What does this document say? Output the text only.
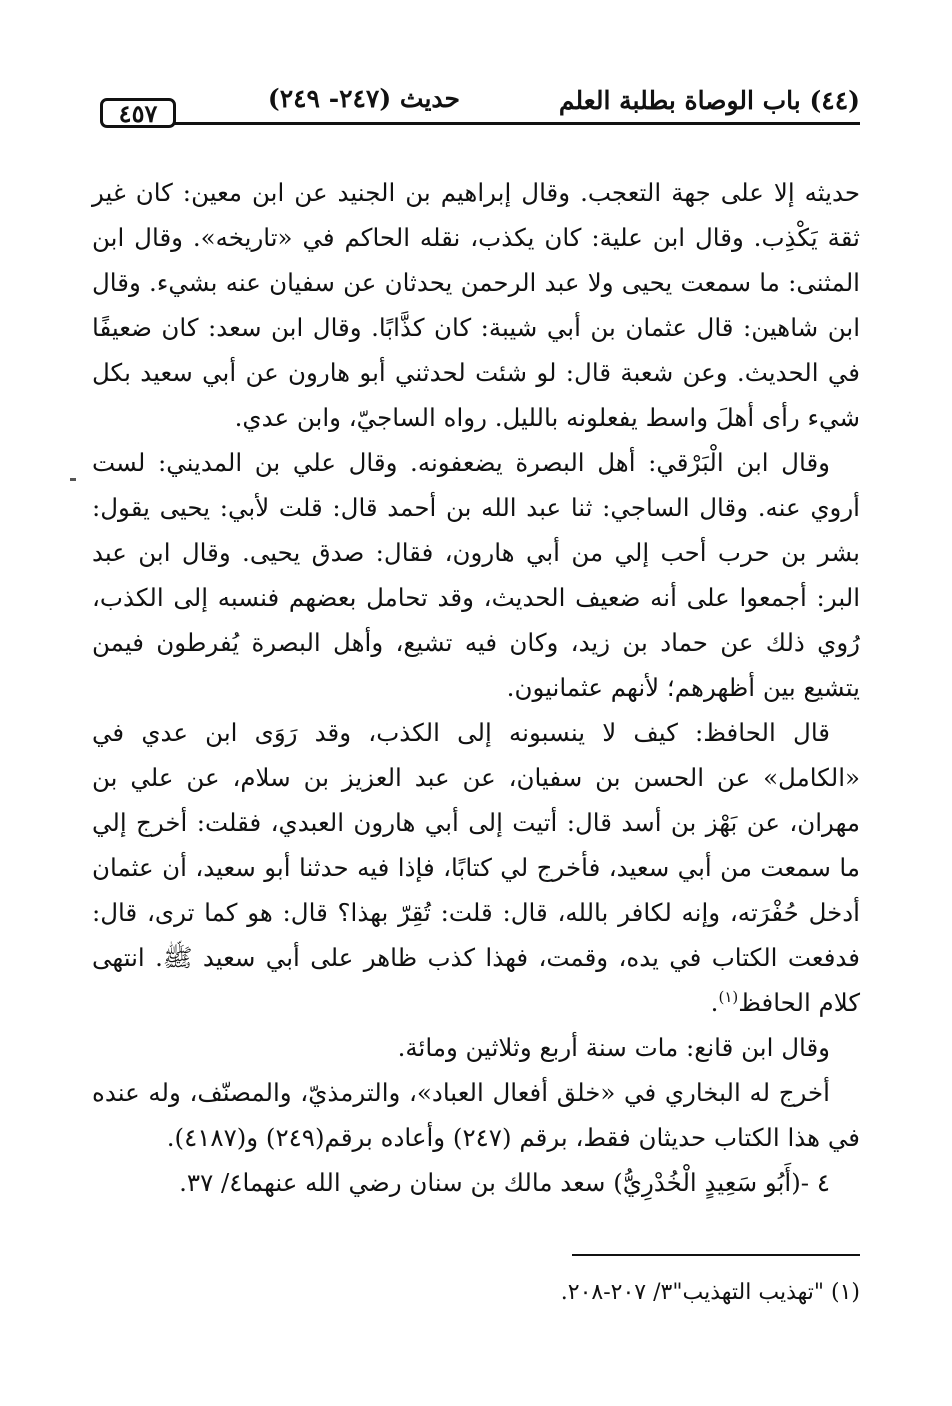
(٤٤) باب الوصاة بطلبة العلم
حديث (٢٤٧- ٢٤٩)
٤٥٧

حديثه إلا على جهة التعجب. وقال إبراهيم بن الجنيد عن ابن معين: كان غير ثقة يَكْذِب. وقال ابن علية: كان يكذب، نقله الحاكم في «تاريخه». وقال ابن المثنى: ما سمعت يحيى ولا عبد الرحمن يحدثان عن سفيان عنه بشيء. وقال ابن شاهين: قال عثمان بن أبي شيبة: كان كذَّابًا. وقال ابن سعد: كان ضعيفًا في الحديث. وعن شعبة قال: لو شئت لحدثني أبو هارون عن أبي سعيد بكل شيء رأى أهلَ واسط يفعلونه بالليل. رواه الساجيّ، وابن عدي.

وقال ابن الْبَرْقي: أهل البصرة يضعفونه. وقال علي بن المديني: لست أروي عنه. وقال الساجي: ثنا عبد الله بن أحمد قال: قلت لأبي: يحيى يقول: بشر بن حرب أحب إلي من أبي هارون، فقال: صدق يحيى. وقال ابن عبد البر: أجمعوا على أنه ضعيف الحديث، وقد تحامل بعضهم فنسبه إلى الكذب، رُوي ذلك عن حماد بن زيد، وكان فيه تشيع، وأهل البصرة يُفرطون فيمن يتشيع بين أظهرهم؛ لأنهم عثمانيون.

قال الحافظ: كيف لا ينسبونه إلى الكذب، وقد رَوَى ابن عدي في «الكامل» عن الحسن بن سفيان، عن عبد العزيز بن سلام، عن علي بن مهران، عن بَهْز بن أسد قال: أتيت إلى أبي هارون العبدي، فقلت: أخرج إلي ما سمعت من أبي سعيد، فأخرج لي كتابًا، فإذا فيه حدثنا أبو سعيد، أن عثمان أدخل حُفْرَته، وإنه لكافر بالله، قال: قلت: تُقِرّ بهذا؟ قال: هو كما ترى، قال: فدفعت الكتاب في يده، وقمت، فهذا كذب ظاهر على أبي سعيد ﷺ. انتهى كلام الحافظ$^{(١)}$.

وقال ابن قانع: مات سنة أربع وثلاثين ومائة.

أخرج له البخاري في «خلق أفعال العباد»، والترمذيّ، والمصنّف، وله عنده في هذا الكتاب حديثان فقط، برقم (٢٤٧) وأعاده برقم(٢٤٩) و(٤١٨٧).

٤ -(أَبُو سَعِيدٍ الْخُدْرِيُّ) سعد مالك بن سنان رضي الله عنهما٤/ ٣٧.

(١) "تهذيب التهذيب"٣/ ٢٠٧-٢٠٨.
